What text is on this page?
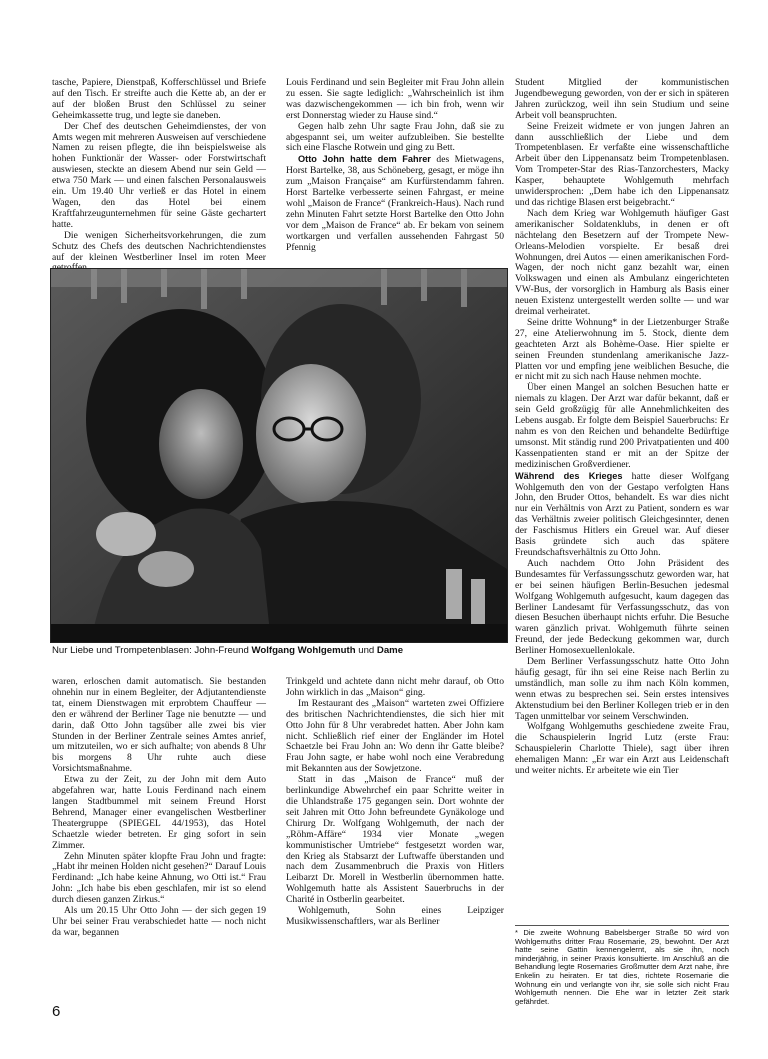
tasche, Papiere, Dienstpaß, Kofferschlüssel und Briefe auf den Tisch. Er streifte auch die Kette ab, an der er auf der bloßen Brust den Schlüssel zu seiner Geheimkassette trug, und legte sie daneben.

Der Chef des deutschen Geheimdienstes, der von Amts wegen mit mehreren Ausweisen auf verschiedene Namen zu reisen pflegte, die ihn beispielsweise als hohen Funktionär der Wasser- oder Forstwirtschaft auswiesen, steckte an diesem Abend nur sein Geld — etwa 750 Mark — und einen falschen Personalausweis ein. Um 19.40 Uhr verließ er das Hotel in einem Wagen, den das Hotel bei einem Kraftfahrzeugunternehmen für seine Gäste gechartert hatte.

Die wenigen Sicherheitsvorkehrungen, die zum Schutz des Chefs des deutschen Nachrichtendienstes auf der kleinen Westberliner Insel im roten Meer

Louis Ferdinand und sein Begleiter mit Frau John allein zu essen. Sie sagte lediglich: „Wahrscheinlich ist ihm was dazwischengekommen — ich bin froh, wenn wir erst Donnerstag wieder zu Hause sind.“

Gegen halb zehn Uhr sagte Frau John, daß sie zu abgespannt sei, um weiter aufzubleiben. Sie bestellte sich eine Flasche Rotwein und ging zu Bett.

Otto John hatte dem Fahrer des Mietwagens, Horst Bartelke, 38, aus Schöneberg, gesagt, er möge ihn zum „Maison Française“ am Kurfürstendamm fahren. Horst Bartelke verbesserte seinen Fahrgast, er meine wohl „Maison de France“ (Frankreich-Haus). Nach rund zehn Minuten Fahrt setzte Horst Bartelke den Otto John vor dem „Maison de France“ ab. Er bekam von seinem wortkargen und verfallen aussehenden Fahrgast 50 Pfennig

Student Mitglied der kommunistischen Jugendbewegung geworden, von der er sich in späteren Jahren zurückzog, weil ihn sein Studium und seine Arbeit voll beanspruchten.

Seine Freizeit widmete er von jungen Jahren an dann ausschließlich der Liebe und dem Trompetenblasen. Er verfaßte eine wissenschaftliche Arbeit über den Lippenansatz beim Trompetenblasen. Vom Trompeter-Star des Rias-Tanzorchesters, Macky Kasper, behauptete Wohlgemuth mehrfach unwidersprochen: „Dem habe ich den Lippenansatz und das richtige Blasen erst beigebracht.“

Nach dem Krieg war Wohlgemuth häufiger Gast amerikanischer Soldatenklubs, in denen er oft nächtelang den Besetzern auf der Trompete New-Orleans-Melodien vorspielte. Er besaß drei Wohnungen, drei Autos — einen amerikanischen Ford-Wagen, der noch nicht ganz bezahlt war, einen Volkswagen und einen als Ambulanz eingerichteten VW-Bus, der vorsorglich in Hamburg als Basis einer neuen Existenz untergestellt werden sollte — und war dreimal verheiratet.

Seine dritte Wohnung* in der Lietzenburger Straße 27, eine Atelierwohnung im 5. Stock, diente dem geachteten Arzt als Bohème-Oase. Hier spielte er seinen Freunden stundenlang amerikanische Jazz-Platten vor und empfing jene weiblichen Besuche, die er nicht mit zu sich nach Hause nehmen mochte.

Über einen Mangel an solchen Besuchen hatte er niemals zu klagen. Der Arzt war dafür bekannt, daß er sein Geld großzügig für alle Annehmlichkeiten des Lebens ausgab. Er folgte dem Beispiel Sauerbruchs: Er nahm es von den Reichen und behandelte Bedürftige umsonst. Mit ständig rund 200 Privatpatienten und 400 Kassenpatienten stand er mit an der Spitze der medizinischen Großverdiener.

Während des Krieges hatte dieser Wolfgang Wohlgemuth den von der Gestapo verfolgten Hans John, den Bruder Ottos, behandelt. Es war dies nicht nur ein Verhältnis von Arzt zu Patient, sondern es war das Verhältnis zweier politisch Gleichgesinnter, denen der Faschismus Hitlers ein Greuel war. Auf dieser Basis gründete sich auch das spätere Freundschaftsverhältnis zu Otto John.

Auch nachdem Otto John Präsident des Bundesamtes für Verfassungsschutz geworden war, hat er bei seinen häufigen Berlin-Besuchen jedesmal Wolfgang Wohlgemuth aufgesucht, kaum dagegen das Berliner Landesamt für Verfassungsschutz, das von diesen Besuchen überhaupt nichts erfuhr. Die Besuche waren gänzlich privat. Wohlgemuth führte seinen Freund, der jede Bedeckung gekommen war, durch Berliner Homosexuellenlokale.

Dem Berliner Verfassungsschutz hatte Otto John häufig gesagt, für ihn sei eine Reise nach Berlin zu umständlich, man solle zu ihm nach Köln kommen, wenn etwas zu besprechen sei. Sein erstes intensives Aktenstudium bei den Berliner Kollegen trieb er in den Tagen unmittelbar vor seinem Verschwinden.

Wolfgang Wohlgemuths geschiedene zweite Frau, die Schauspielerin Ingrid Lutz (erste Frau: Schauspielerin Charlotte Thiele), sagt über ihren ehemaligen Mann: „Er war ein Arzt aus Leidenschaft und weiter nichts. Er arbeitete wie ein Tier

Nur Liebe und Trompetenblasen: John-Freund Wolfgang Wohlgemuth und Dame

waren, erloschen damit automatisch. Sie bestanden ohnehin nur in einem Begleiter, der Adjutantendienste tat, einem Dienstwagen mit erprobtem Chauffeur — den er während der Berliner Tage nie benutzte — und darin, daß Otto John tagsüber alle zwei bis vier Stunden in der Berliner Zentrale seines Amtes anrief, um mitzuteilen, wo er sich aufhalte; von abends 8 Uhr bis morgens 8 Uhr ruhte auch diese Vorsichtsmaßnahme.

Etwa zu der Zeit, zu der John mit dem Auto abgefahren war, hatte Louis Ferdinand nach einem langen Stadtbummel mit seinem Freund Horst Behrend, Manager einer evangelischen Westberliner Theatergruppe (SPIEGEL 44/1953), das Hotel Schaetzle wieder betreten. Er ging sofort in sein Zimmer.

Zehn Minuten später klopfte Frau John und fragte: „Habt ihr meinen Holden nicht gesehen?“ Darauf Louis Ferdinand: „Ich habe keine Ahnung, wo Otti ist.“ Frau John: „Ich habe bis eben geschlafen, mir ist so elend durch diesen ganzen Zirkus.“

Als um 20.15 Uhr Otto John — der sich gegen 19 Uhr bei seiner Frau verabschiedet hatte — noch nicht da war, begannen

Trinkgeld und achtete dann nicht mehr darauf, ob Otto John wirklich in das „Maison“ ging.

Im Restaurant des „Maison“ warteten zwei Offiziere des britischen Nachrichtendienstes, die sich hier mit Otto John für 8 Uhr verabredet hatten. Aber John kam nicht. Schließlich rief einer der Engländer im Hotel Schaetzle bei Frau John an: Wo denn ihr Gatte bleibe? Frau John sagte, er habe wohl noch eine Verabredung mit Bekannten aus der Sowjetzone.

Statt in das „Maison de France“ muß der berlinkundige Abwehrchef ein paar Schritte weiter in die Uhlandstraße 175 gegangen sein. Dort wohnte der seit Jahren mit Otto John befreundete Gynäkologe und Chirurg Dr. Wolfgang Wohlgemuth, der nach der „Röhm-Affäre“ 1934 vier Monate „wegen kommunistischer Umtriebe“ festgesetzt worden war, den Krieg als Stabsarzt der Luftwaffe überstanden und nach dem Zusammenbruch die Praxis von Hitlers Leibarzt Dr. Morell in Westberlin übernommen hatte. Wohlgemuth hatte als Assistent Sauerbruchs in der Charité in Ostberlin gearbeitet.

Wohlgemuth, Sohn eines Leipziger Musikwissenschaftlers, war als Berliner

* Die zweite Wohnung Babelsberger Straße 50 wird von Wohlgemuths dritter Frau Rosemarie, 29, bewohnt. Der Arzt hatte seine Gattin kennengelernt, als sie ihn, noch minderjährig, in seiner Praxis konsultierte. Im Anschluß an die Behandlung legte Rosemaries Großmutter dem Arzt nahe, ihre Enkelin zu heiraten. Er tat dies, richtete Rosemarie die Wohnung ein und verlangte von ihr, sie solle sich nicht Frau Wohlgemuth nennen. Die Ehe war in letzter Zeit stark gefährdet.
6
